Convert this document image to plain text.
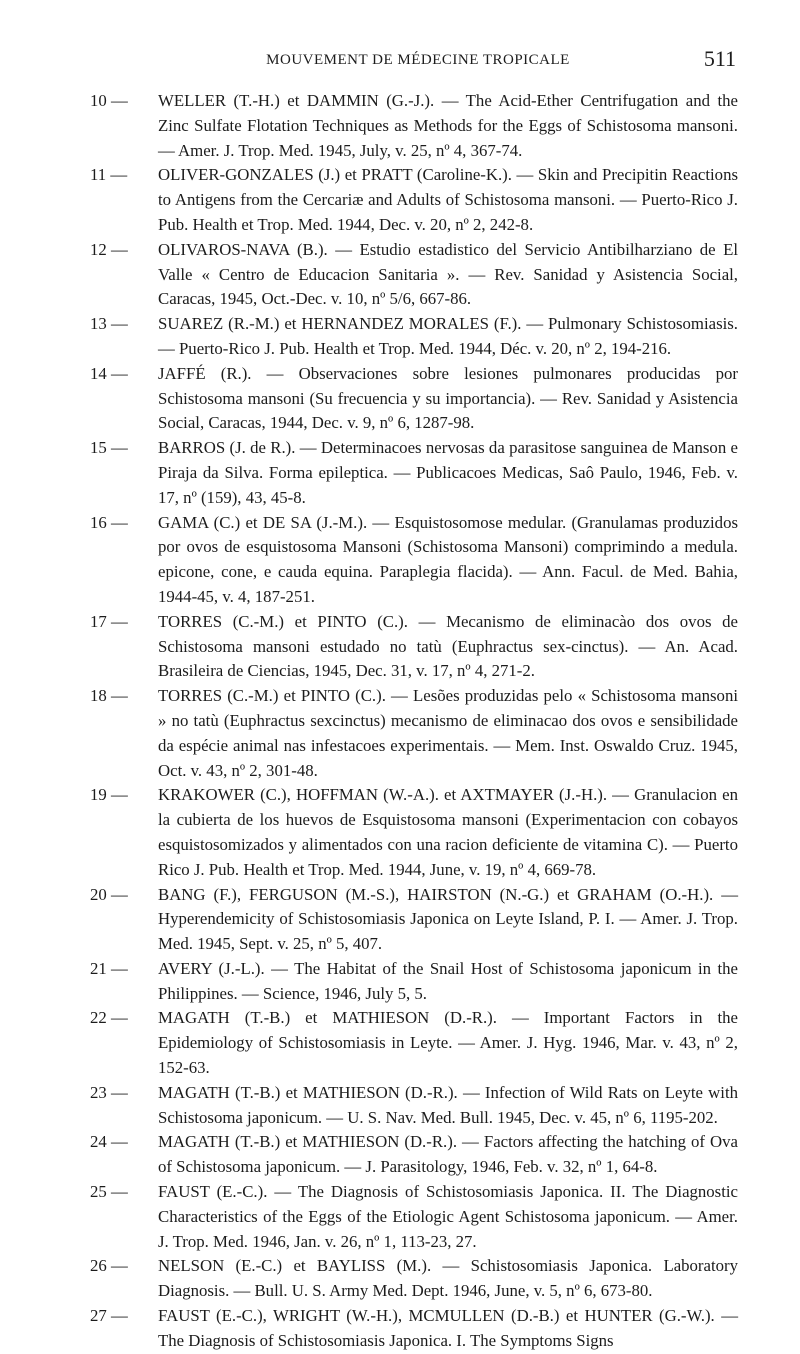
MOUVEMENT DE MÉDECINE TROPICALE	511
10 —	WELLER (T.-H.) et DAMMIN (G.-J.). — The Acid-Ether Centrifugation and the Zinc Sulfate Flotation Techniques as Methods for the Eggs of Schistosoma mansoni. — Amer. J. Trop. Med. 1945, July, v. 25, nº 4, 367-74.
11 —	OLIVER-GONZALES (J.) et PRATT (Caroline-K.). — Skin and Precipitin Reactions to Antigens from the Cercariæ and Adults of Schistosoma mansoni. — Puerto-Rico J. Pub. Health et Trop. Med. 1944, Dec. v. 20, nº 2, 242-8.
12 —	OLIVAROS-NAVA (B.). — Estudio estadistico del Servicio Antibilharziano de El Valle « Centro de Educacion Sanitaria ». — Rev. Sanidad y Asistencia Social, Caracas, 1945, Oct.-Dec. v. 10, nº 5/6, 667-86.
13 —	SUAREZ (R.-M.) et HERNANDEZ MORALES (F.). — Pulmonary Schistosomiasis. — Puerto-Rico J. Pub. Health et Trop. Med. 1944, Déc. v. 20, nº 2, 194-216.
14 —	JAFFÉ (R.). — Observaciones sobre lesiones pulmonares producidas por Schistosoma mansoni (Su frecuencia y su importancia). — Rev. Sanidad y Asistencia Social, Caracas, 1944, Dec. v. 9, nº 6, 1287-98.
15 —	BARROS (J. de R.). — Determinacoes nervosas da parasitose sanguinea de Manson e Piraja da Silva. Forma epileptica. — Publicacoes Medicas, Saô Paulo, 1946, Feb. v. 17, nº (159), 43, 45-8.
16 —	GAMA (C.) et DE SA (J.-M.). — Esquistosomose medular. (Granulamas produzidos por ovos de esquistosoma Mansoni (Schistosoma Mansoni) comprimindo a medula. epicone, cone, e cauda equina. Paraplegia flacida). — Ann. Facul. de Med. Bahia, 1944-45, v. 4, 187-251.
17 —	TORRES (C.-M.) et PINTO (C.). — Mecanismo de eliminacào dos ovos de Schistosoma mansoni estudado no tatù (Euphractus sex-cinctus). — An. Acad. Brasileira de Ciencias, 1945, Dec. 31, v. 17, nº 4, 271-2.
18 —	TORRES (C.-M.) et PINTO (C.). — Lesões produzidas pelo « Schistosoma mansoni » no tatù (Euphractus sexcinctus) mecanismo de eliminacao dos ovos e sensibilidade da espécie animal nas infestacoes experimentais. — Mem. Inst. Oswaldo Cruz. 1945, Oct. v. 43, nº 2, 301-48.
19 —	KRAKOWER (C.), HOFFMAN (W.-A.). et AXTMAYER (J.-H.). — Granulacion en la cubierta de los huevos de Esquistosoma mansoni (Experimentacion con cobayos esquistosomizados y alimentados con una racion deficiente de vitamina C). — Puerto Rico J. Pub. Health et Trop. Med. 1944, June, v. 19, nº 4, 669-78.
20 —	BANG (F.), FERGUSON (M.-S.), HAIRSTON (N.-G.) et GRAHAM (O.-H.). — Hyperendemicity of Schistosomiasis Japonica on Leyte Island, P. I. — Amer. J. Trop. Med. 1945, Sept. v. 25, nº 5, 407.
21 —	AVERY (J.-L.). — The Habitat of the Snail Host of Schistosoma japonicum in the Philippines. — Science, 1946, July 5, 5.
22 —	MAGATH (T.-B.) et MATHIESON (D.-R.). — Important Factors in the Epidemiology of Schistosomiasis in Leyte. — Amer. J. Hyg. 1946, Mar. v. 43, nº 2, 152-63.
23 —	MAGATH (T.-B.) et MATHIESON (D.-R.). — Infection of Wild Rats on Leyte with Schistosoma japonicum. — U. S. Nav. Med. Bull. 1945, Dec. v. 45, nº 6, 1195-202.
24 —	MAGATH (T.-B.) et MATHIESON (D.-R.). — Factors affecting the hatching of Ova of Schistosoma japonicum. — J. Parasitology, 1946, Feb. v. 32, nº 1, 64-8.
25 —	FAUST (E.-C.). — The Diagnosis of Schistosomiasis Japonica. II. The Diagnostic Characteristics of the Eggs of the Etiologic Agent Schistosoma japonicum. — Amer. J. Trop. Med. 1946, Jan. v. 26, nº 1, 113-23, 27.
26 —	NELSON (E.-C.) et BAYLISS (M.). — Schistosomiasis Japonica. Laboratory Diagnosis. — Bull. U. S. Army Med. Dept. 1946, June, v. 5, nº 6, 673-80.
27 —	FAUST (E.-C.), WRIGHT (W.-H.), MCMULLEN (D.-B.) et HUNTER (G.-W.). — The Diagnosis of Schistosomiasis Japonica. I. The Symptoms Signs
